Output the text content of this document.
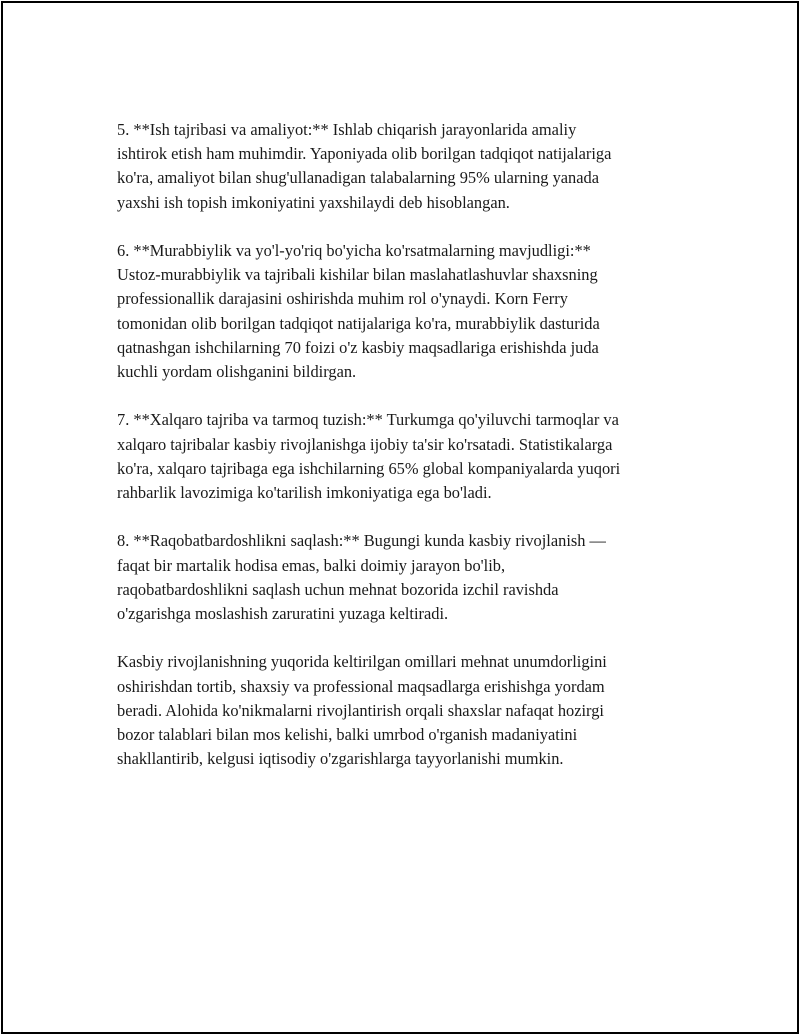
5. **Ish tajribasi va amaliyot:** Ishlab chiqarish jarayonlarida amaliy
ishtirok etish ham muhimdir. Yaponiyada olib borilgan tadqiqot natijalariga
ko'ra, amaliyot bilan shug'ullanadigan talabalarning 95% ularning yanada
yaxshi ish topish imkoniyatini yaxshilaydi deb hisoblangan.

6. **Murabbiylik va yo'l-yo'riq bo'yicha ko'rsatmalarning mavjudligi:**
Ustoz-murabbiylik va tajribali kishilar bilan maslahatlashuvlar shaxsning
professionallik darajasini oshirishda muhim rol o'ynaydi. Korn Ferry
tomonidan olib borilgan tadqiqot natijalariga ko'ra, murabbiylik dasturida
qatnashgan ishchilarning 70 foizi o'z kasbiy maqsadlariga erishishda juda
kuchli yordam olishganini bildirgan.

7. **Xalqaro tajriba va tarmoq tuzish:** Turkumga qo'yiluvchi tarmoqlar va
xalqaro tajribalar kasbiy rivojlanishga ijobiy ta'sir ko'rsatadi. Statistikalarga
ko'ra, xalqaro tajribaga ega ishchilarning 65% global kompaniyalarda yuqori
rahbarlik lavozimiga ko'tarilish imkoniyatiga ega bo'ladi.

8. **Raqobatbardoshlikni saqlash:** Bugungi kunda kasbiy rivojlanish —
faqat bir martalik hodisa emas, balki doimiy jarayon bo'lib,
raqobatbardoshlikni saqlash uchun mehnat bozorida izchil ravishda
o'zgarishga moslashish zaruratini yuzaga keltiradi.

Kasbiy rivojlanishning yuqorida keltirilgan omillari mehnat unumdorligini
oshirishdan tortib, shaxsiy va professional maqsadlarga erishishga yordam
beradi. Alohida ko'nikmalarni rivojlantirish orqali shaxslar nafaqat hozirgi
bozor talablari bilan mos kelishi, balki umrbod o'rganish madaniyatini
shakllantirib, kelgusi iqtisodiy o'zgarishlarga tayyorlanishi mumkin.
